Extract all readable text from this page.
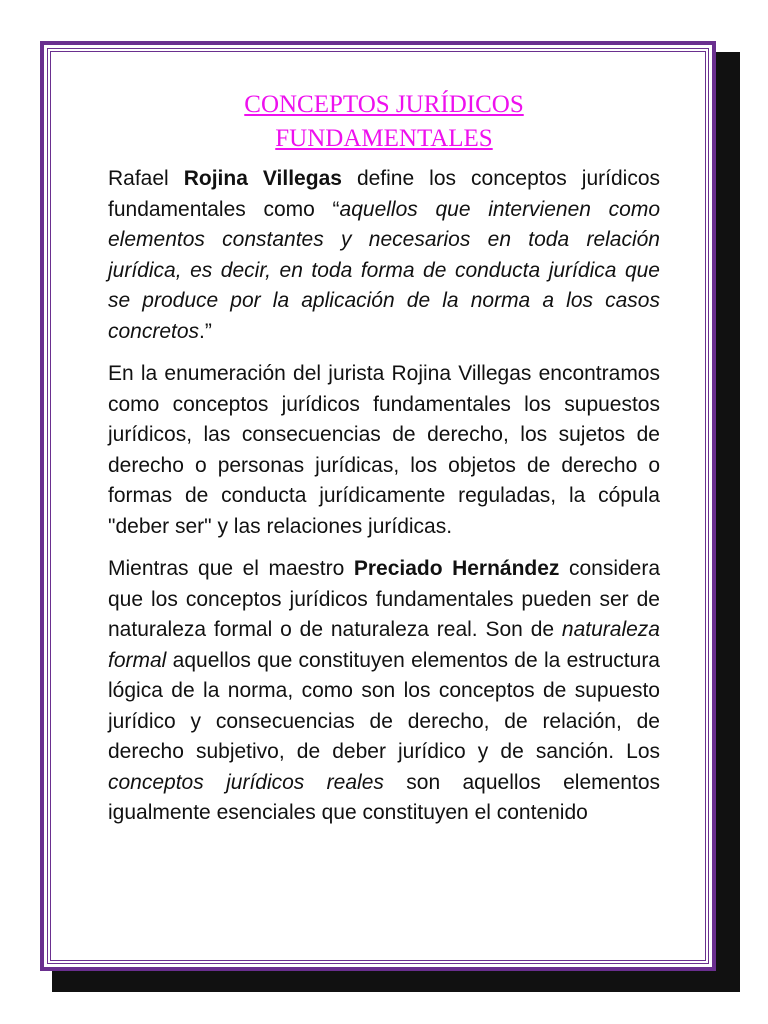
CONCEPTOS JURÍDICOS
FUNDAMENTALES

Rafael Rojina Villegas define los conceptos jurídicos fundamentales como “aquellos que intervienen como elementos constantes y necesarios en toda relación jurídica, es decir, en toda forma de conducta jurídica que se produce por la aplicación de la norma a los casos concretos.”

En la enumeración del jurista Rojina Villegas encontramos como conceptos jurídicos fundamentales los supuestos jurídicos, las consecuencias de derecho, los sujetos de derecho o personas jurídicas, los objetos de derecho o formas de conducta jurídicamente reguladas, la cópula "deber ser" y las relaciones jurídicas.

Mientras que el maestro Preciado Hernández considera que los conceptos jurídicos fundamentales pueden ser de naturaleza formal o de naturaleza real. Son de naturaleza formal aquellos que constituyen elementos de la estructura lógica de la norma, como son los conceptos de supuesto jurídico y consecuencias de derecho, de relación, de derecho subjetivo, de deber jurídico y de sanción. Los conceptos jurídicos reales son aquellos elementos igualmente esenciales que constituyen el contenido
